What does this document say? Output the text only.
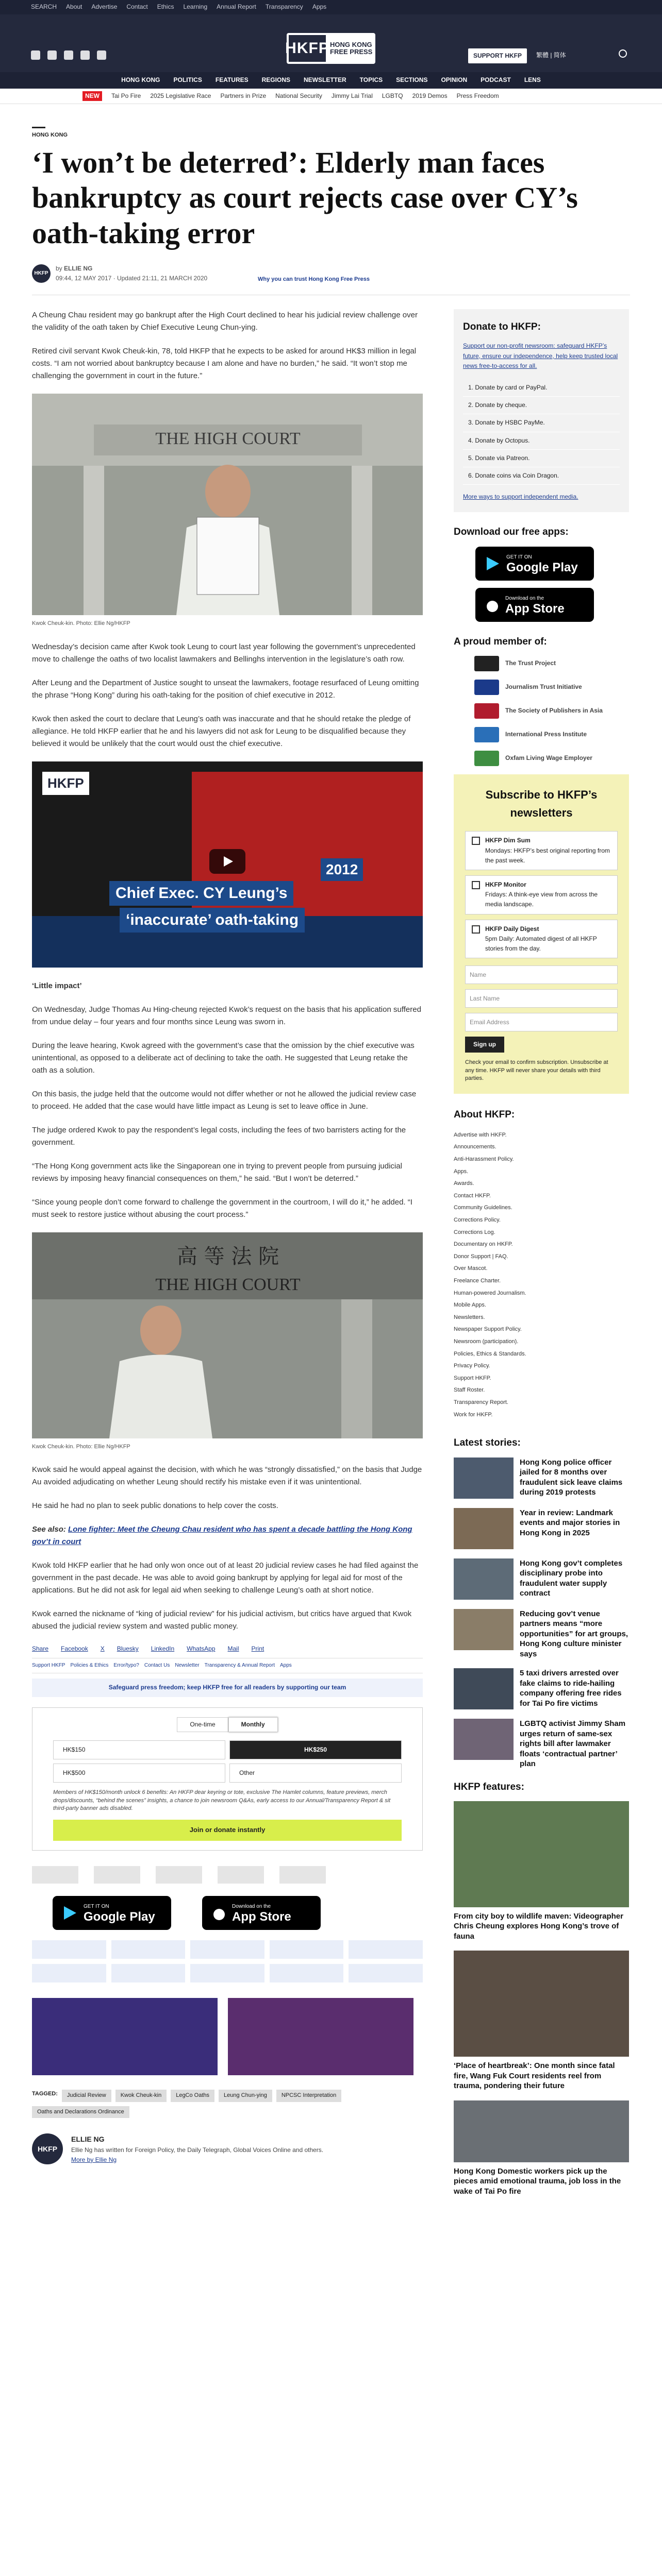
SEARCH About Advertise Contact Ethics Learning Annual Report Transparency Apps
HKFP HONG KONG
FREE PRESS	SUPPORT HKFP	繁體 | 简体
HONG KONG POLITICS FEATURES REGIONS NEWSLETTER TOPICS SECTIONS OPINION PODCAST LENS
NEW	Tai Po Fire 2025 Legislative Race Partners in Prize National Security Jimmy Lai Trial LGBTQ 2019 Demos Press Freedom
HONG KONG
‘I won’t be deterred’: Elderly man faces bankruptcy as court rejects case over CY’s oath-taking error
HKFP
by ELLIE NG
09:44, 12 MAY 2017 · Updated 21:11, 21 MARCH 2020	Why you can trust Hong Kong Free Press

A Cheung Chau resident may go bankrupt after the High Court declined to hear his judicial review challenge over the validity of the oath taken by Chief Executive Leung Chun-ying.

Retired civil servant Kwok Cheuk-kin, 78, told HKFP that he expects to be asked for around HK$3 million in legal costs. “I am not worried about bankruptcy because I am alone and have no burden,” he said. “It won’t stop me challenging the government in court in the future.”

THE HIGH COURT
Kwok Cheuk-kin. Photo: Ellie Ng/HKFP

Wednesday’s decision came after Kwok took Leung to court last year following the government’s unprecedented move to challenge the oaths of two localist lawmakers and Bellinghs intervention in the legislature’s oath row.

After Leung and the Department of Justice sought to unseat the lawmakers, footage resurfaced of Leung omitting the phrase “Hong Kong” during his oath-taking for the position of chief executive in 2012.

Kwok then asked the court to declare that Leung’s oath was inaccurate and that he should retake the pledge of allegiance. He told HKFP earlier that he and his lawyers did not ask for Leung to be disqualified because they believed it would be unlikely that the court would oust the chief executive.

HKFP
2012
Chief Exec. CY Leung’s
‘inaccurate’ oath-taking

‘Little impact’

On Wednesday, Judge Thomas Au Hing-cheung rejected Kwok’s request on the basis that his application suffered from undue delay – four years and four months since Leung was sworn in.

During the leave hearing, Kwok agreed with the government’s case that the omission by the chief executive was unintentional, as opposed to a deliberate act of declining to take the oath. He suggested that Leung retake the oath as a solution.

On this basis, the judge held that the outcome would not differ whether or not he allowed the judicial review case to proceed. He added that the case would have little impact as Leung is set to leave office in June.

The judge ordered Kwok to pay the respondent’s legal costs, including the fees of two barristers acting for the government.

“The Hong Kong government acts like the Singaporean one in trying to prevent people from pursuing judicial reviews by imposing heavy financial consequences on them,” he said. “But I won’t be deterred.”

“Since young people don’t come forward to challenge the government in the courtroom, I will do it,” he added. “I must seek to restore justice without abusing the court process.”

高 等 法 院
THE HIGH COURT
Kwok Cheuk-kin. Photo: Ellie Ng/HKFP

Kwok said he would appeal against the decision, with which he was “strongly dissatisfied,” on the basis that Judge Au avoided adjudicating on whether Leung should rectify his mistake even if it was unintentional.

He said he had no plan to seek public donations to help cover the costs.

See also: Lone fighter: Meet the Cheung Chau resident who has spent a decade battling the Hong Kong gov’t in court

Kwok told HKFP earlier that he had only won once out of at least 20 judicial review cases he had filed against the government in the past decade. He was able to avoid going bankrupt by applying for legal aid for most of the applications. But he did not ask for legal aid when seeking to challenge Leung’s oath at short notice.

Kwok earned the nickname of “king of judicial review” for his judicial activism, but critics have argued that Kwok abused the judicial review system and wasted public money.

Share Facebook X Bluesky LinkedIn WhatsApp Mail Print
Support HKFP Policies & Ethics Error/typo? Contact Us Newsletter Transparency & Annual Report Apps
Safeguard press freedom; keep HKFP free for all readers by supporting our team
One-time	Monthly
HK$150	HK$250
HK$500	Other
Members of HK$150/month unlock 6 benefits: An HKFP dear keyring or tote, exclusive The Hamlet columns, feature previews, merch drops/discounts, “behind the scenes” insights, a chance to join newsroom Q&As, early access to our Annual/Transparency Report & sit third-party banner ads disabled.
Join or donate instantly
GET IT ON
Google Play
Download on the
App Store
TAGGED:	Judicial Review	Kwok Cheuk-kin	LegCo Oaths	Leung Chun-ying	NPCSC Interpretation
Oaths and Declarations Ordinance
HKFP
ELLIE NG
Ellie Ng has written for Foreign Policy, the Daily Telegraph, Global Voices Online and others.
More by Ellie Ng
Donate to HKFP:

Support our non-profit newsroom: safeguard HKFP’s future, ensure our independence, help keep trusted local news free-to-access for all.

1. Donate by card or PayPal.
2. Donate by cheque.
3. Donate by HSBC PayMe.
4. Donate by Octopus.
5. Donate via Patreon.
6. Donate coins via Coin Dragon.

More ways to support independent media.

Download our free apps:
GET IT ON
Google Play
Download on the
App Store
A proud member of:
The Trust Project
Journalism Trust Initiative
The Society of Publishers in Asia
International Press Institute
Oxfam Living Wage Employer
Subscribe to HKFP’s newsletters
HKFP Dim Sum
Mondays: HKFP’s best original reporting from the past week.
HKFP Monitor
Fridays: A think-eye view from across the media landscape.
HKFP Daily Digest
5pm Daily: Automated digest of all HKFP stories from the day.
Name
Last Name
Email Address
Sign up

Check your email to confirm subscription. Unsubscribe at any time. HKFP will never share your details with third parties.

About HKFP:
Advertise with HKFP.
Announcements.
Anti-Harassment Policy.
Apps.
Awards.
Contact HKFP.
Community Guidelines.
Corrections Policy.
Corrections Log.
Documentary on HKFP.
Donor Support | FAQ.
Over Mascot.
Freelance Charter.
Human-powered Journalism.
Mobile Apps.
Newsletters.
Newspaper Support Policy.
Newsroom (participation).
Policies, Ethics & Standards.
Privacy Policy.
Support HKFP.
Staff Roster.
Transparency Report.
Work for HKFP.
Latest stories:
Hong Kong police officer jailed for 8 months over fraudulent sick leave claims during 2019 protests
Year in review: Landmark events and major stories in Hong Kong in 2025
Hong Kong gov’t completes disciplinary probe into fraudulent water supply contract
Reducing gov’t venue partners means “more opportunities” for art groups, Hong Kong culture minister says
5 taxi drivers arrested over fake claims to ride-hailing company offering free rides for Tai Po fire victims
LGBTQ activist Jimmy Sham urges return of same-sex rights bill after lawmaker floats ‘contractual partner’ plan
HKFP features:
From city boy to wildlife maven: Videographer Chris Cheung explores Hong Kong’s trove of fauna
‘Place of heartbreak’: One month since fatal fire, Wang Fuk Court residents reel from trauma, pondering their future
Hong Kong Domestic workers pick up the pieces amid emotional trauma, job loss in the wake of Tai Po fire
